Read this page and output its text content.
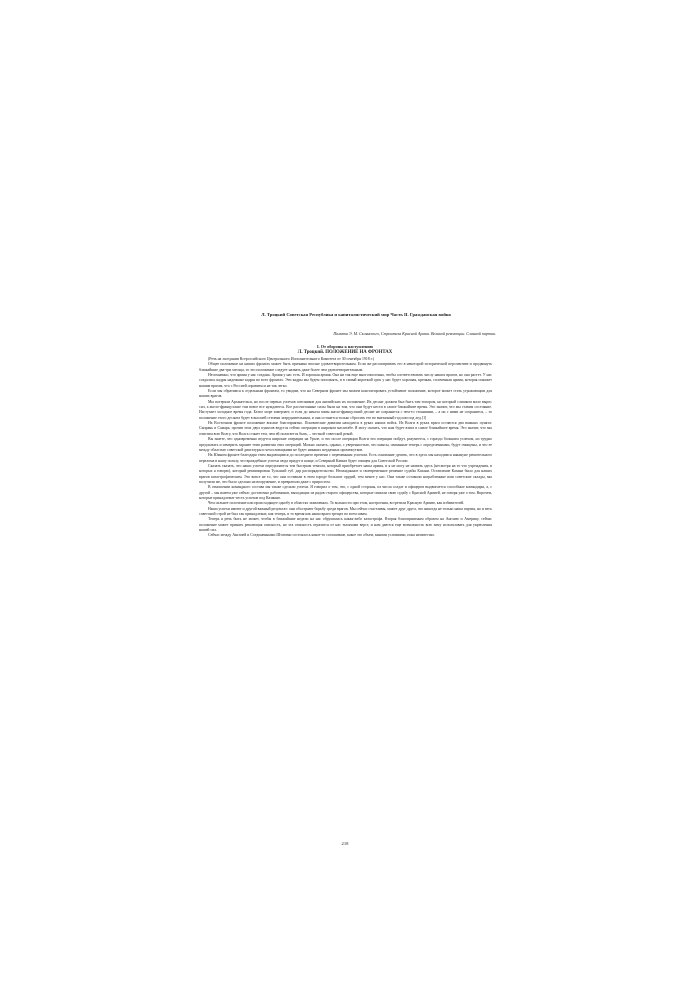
Л. Троцкий Советская Республика и капиталистический мир Часть II. Гражданская война
Памяти Э. М. Склянского, Строителя Красной Армии. Великой революции. Славной партии.
I. От обороны к наступлению
Л. Троцкий. ПОЛОЖЕНИЕ НА ФРОНТАХ

(Речь на заседании Всероссийского Центрального Исполнительного Комитета от 30 сентября 1918 г.)

Общее положение на наших фронтах может быть признано вполне удовлетворительным. Если же рассматривать его в некоторой исторической перспективе и продвинуть ближайшие два-три месяца, то это положение следует назвать даже более чем удовлетворительным.

Несомненно, что армия у нас создана. Армия у нас есть. И хорошая армия. Она ни так еще многочисленна, чтобы соответствовать числу наших врагов, но она растет. У нас создались кадры надежные кадры во всех фронтах. Эти кадры мы будем пополнять, и в самый короткий срок у нас будет хорошая, крепкая, сплоченная армия, которая покажет нашим врагам, что с Россией справиться не так легко.

Если мы обратимся к отдельным фронтам, то увидим, что на Северном фронте мы можем констатировать устойчивое положение, которое может стать угрожающим для наших врагов.

Мы потеряли Архангельск, но после первых успехов союзников для английских их положение. Их десант должен был быть там топором, но который слишком мало вырос сил, а англо-французские там вовсе все нуждаются. Все рассчитанные силы были на том, что они будут нести в самое ближайшее время. Это значит, что мы ставим состояние. Наступает холодное время года. Белое море замерзает, и если до начала зимы англо-французский десант не сохранится с чем-то стояниями, – а он с ними не сохранится, – то положение этого десанта будет в высшей степени затруднительным, и она останется только сбросить его во внезапный год или под лед.[1]

На Восточном фронте положение вполне благоприятно. Псковитские дивизии находятся в руках наших войск. Из Волги в руках врага остаются два важных пункта: Сызрань и Самара, против этих двух пунктов ведутся сейчас операции в широком масштабе. Я могу сказать, что нам будет взята в самое ближайшее время. Это значит, что мы очистим всю Волгу, что Волга станет тем, чем ей полагается быть, – честной советской рекой.

Вы знаете, что одновременно ведутся широкие операции на Урале, и что после операции Волги эти операции пойдут, разумеется, с гораздо большим успехом, но трудно предсказать и измерить заранее темп развития этих операций. Можно сказать, однако, с уверенностью, что шансы, связанные теперь с определенными, будут очищены, и что ее между областью советской диктатуры и чехословацкими не будет никаких неудачных промежутков.

На Южном фронте благодаря этим выдающимся до последнего времени с переменным успехом. Есть основание думать, что в здесь мы находимся накануне решительного перелома в нашу пользу, что враждебные успехи сюда придут в конце, и Северный Кавказ будет очищен для Советской России.

Сказать сказать, что наши успехи определяются тем быстрым темпом, который приобретает наша армия, и я не могу не назвать здесь (несмотря на то что учреждения, в которых я говорю), который реквизирован Тульский губ. дар распорядительство. Неожиданное и своевременное решение судьбы Казани. Оставление Казани было для наших врагов катастрофическим. Это вовсе не то, что они оставили в этом городе большое орудий, тем менее у нас. Они также оставили награбленные ими советские склады, мы получили же, что было сделано на вооружение, и превратили даже с приростом.

В отношении командного состава мы также сделали успехи. Я говорил о том, что, с одной стороны, из числа солдат и офицеров выдвигается способные командиры, а, с другой – мы имеем уже сейчас достаточно работников, выходящих из рядов старого офицерства, которые связали свою судьбу с Красной Армией, не говоря уже о том. Впрочем, которые принадлежат честь успехов под Казанью.

Чем сильнее сплочение или происходящее однобу в областях захваченых. То вольности при этом, настроения, встретили Красную Армию, как избавителей.

Наши успехи имеют и другой важный результат: они обостряют борьбу среди врагов. Мы сейчас счастливы, может друг друга, что никогда не только наша партия, но и весь советский строй не был так принадлежат, как теперь, и то время как наши враги трещат по всем швам.

Теперь я речь быть не может, чтобы в ближайшие недели на нас обрушилась какая-либо катастрофа. Вторая благоприятным образом на Англию и Америку, сейчас положение может принять решающая опасность, но эта опасность отразится от нас тысячами верст, и нам даются еще возможность всю зиму использовать для укрепления нашей сил.

Сейчас между Англией и Соединенными Штатами состоялось какое-то соглашение, какое это объем, какими условиями, пока неизвестно.

218
